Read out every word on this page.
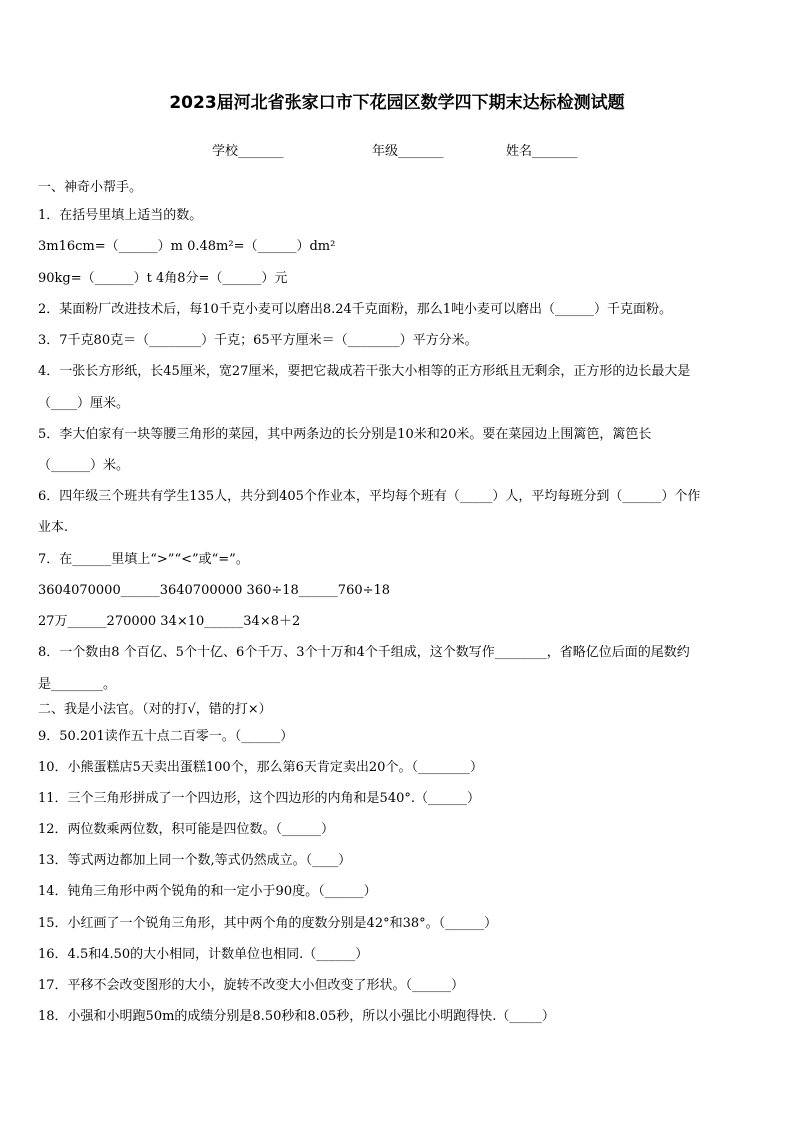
2023届河北省张家口市下花园区数学四下期末达标检测试题
学校_______	年级_______	姓名_______
一、神奇小帮手。
1．在括号里填上适当的数。
3m16cm=（______）m 0.48m²=（______）dm²
90kg=（______）t 4角8分=（______）元
2．某面粉厂改进技术后，每10千克小麦可以磨出8.24千克面粉，那么1吨小麦可以磨出（______）千克面粉。
3．7千克80克＝（________）千克；65平方厘米＝（________）平方分米。
4．一张长方形纸，长45厘米，宽27厘米，要把它裁成若干张大小相等的正方形纸且无剩余，正方形的边长最大是
（____）厘米。
5．李大伯家有一块等腰三角形的菜园，其中两条边的长分别是10米和20米。要在菜园边上围篱笆，篱笆长
（______）米。
6．四年级三个班共有学生135人，共分到405个作业本，平均每个班有（_____）人，平均每班分到（______）个作
业本.
7．在______里填上“>”“<”或“=”。
3604070000______3640700000 360÷18______760÷18
27万______270000 34×10______34×8＋2
8．一个数由8 个百亿、5个十亿、6个千万、3个十万和4个千组成，这个数写作________，省略亿位后面的尾数约
是________。
二、我是小法官。（对的打√，错的打×）
9．50.201读作五十点二百零一。（______）
10．小熊蛋糕店5天卖出蛋糕100个，那么第6天肯定卖出20个。（________）
11．三个三角形拼成了一个四边形，这个四边形的内角和是540°.（______）
12．两位数乘两位数，积可能是四位数。（______）
13．等式两边都加上同一个数,等式仍然成立。（____）
14．钝角三角形中两个锐角的和一定小于90度。（______）
15．小红画了一个锐角三角形，其中两个角的度数分别是42°和38°。（______）
16．4.5和4.50的大小相同，计数单位也相同.（______）
17．平移不会改变图形的大小，旋转不改变大小但改变了形状。（______）
18．小强和小明跑50m的成绩分别是8.50秒和8.05秒，所以小强比小明跑得快.（_____）
